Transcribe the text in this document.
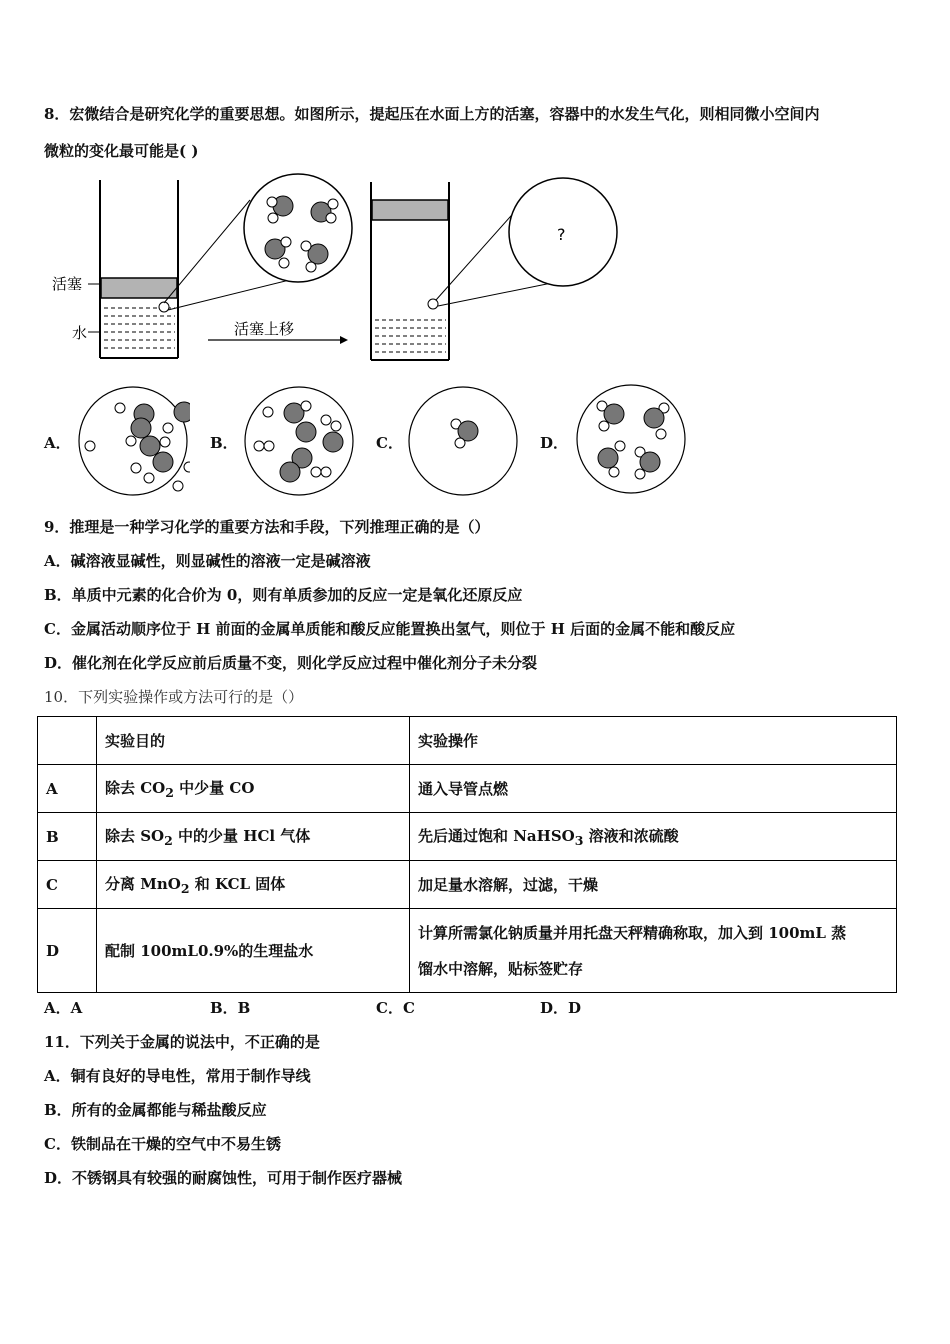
8．宏微结合是研究化学的重要思想。如图所示，提起压在水面上方的活塞，容器中的水发生气化，则相同微小空间内
微粒的变化最可能是( )
活塞
水	活塞上移
?
A．	B．	C．	D．
9．推理是一种学习化学的重要方法和手段，下列推理正确的是（）
A．碱溶液显碱性，则显碱性的溶液一定是碱溶液
B．单质中元素的化合价为 0，则有单质参加的反应一定是氧化还原反应
C．金属活动顺序位于 H 前面的金属单质能和酸反应能置换出氢气，则位于 H 后面的金属不能和酸反应
D．催化剂在化学反应前后质量不变，则化学反应过程中催化剂分子未分裂
10．下列实验操作或方法可行的是（）
	实验目的	实验操作
A	除去 $CO_2$ 中少量 CO	通入导管点燃
B	除去 $SO_2$ 中的少量 HCl 气体	先后通过饱和 NaHSO$_3$ 溶液和浓硫酸
C	分离 MnO$_2$ 和 KCL 固体	加足量水溶解，过滤，干燥
D	配制 100mL0.9%的生理盐水	计算所需氯化钠质量并用托盘天秤精确称取，加入到 100mL 蒸
馏水中溶解，贴标签贮存
A．A	B．B	C．C	D．D
11．下列关于金属的说法中，不正确的是
A．铜有良好的导电性，常用于制作导线
B．所有的金属都能与稀盐酸反应
C．铁制品在干燥的空气中不易生锈
D．不锈钢具有较强的耐腐蚀性，可用于制作医疗器械
